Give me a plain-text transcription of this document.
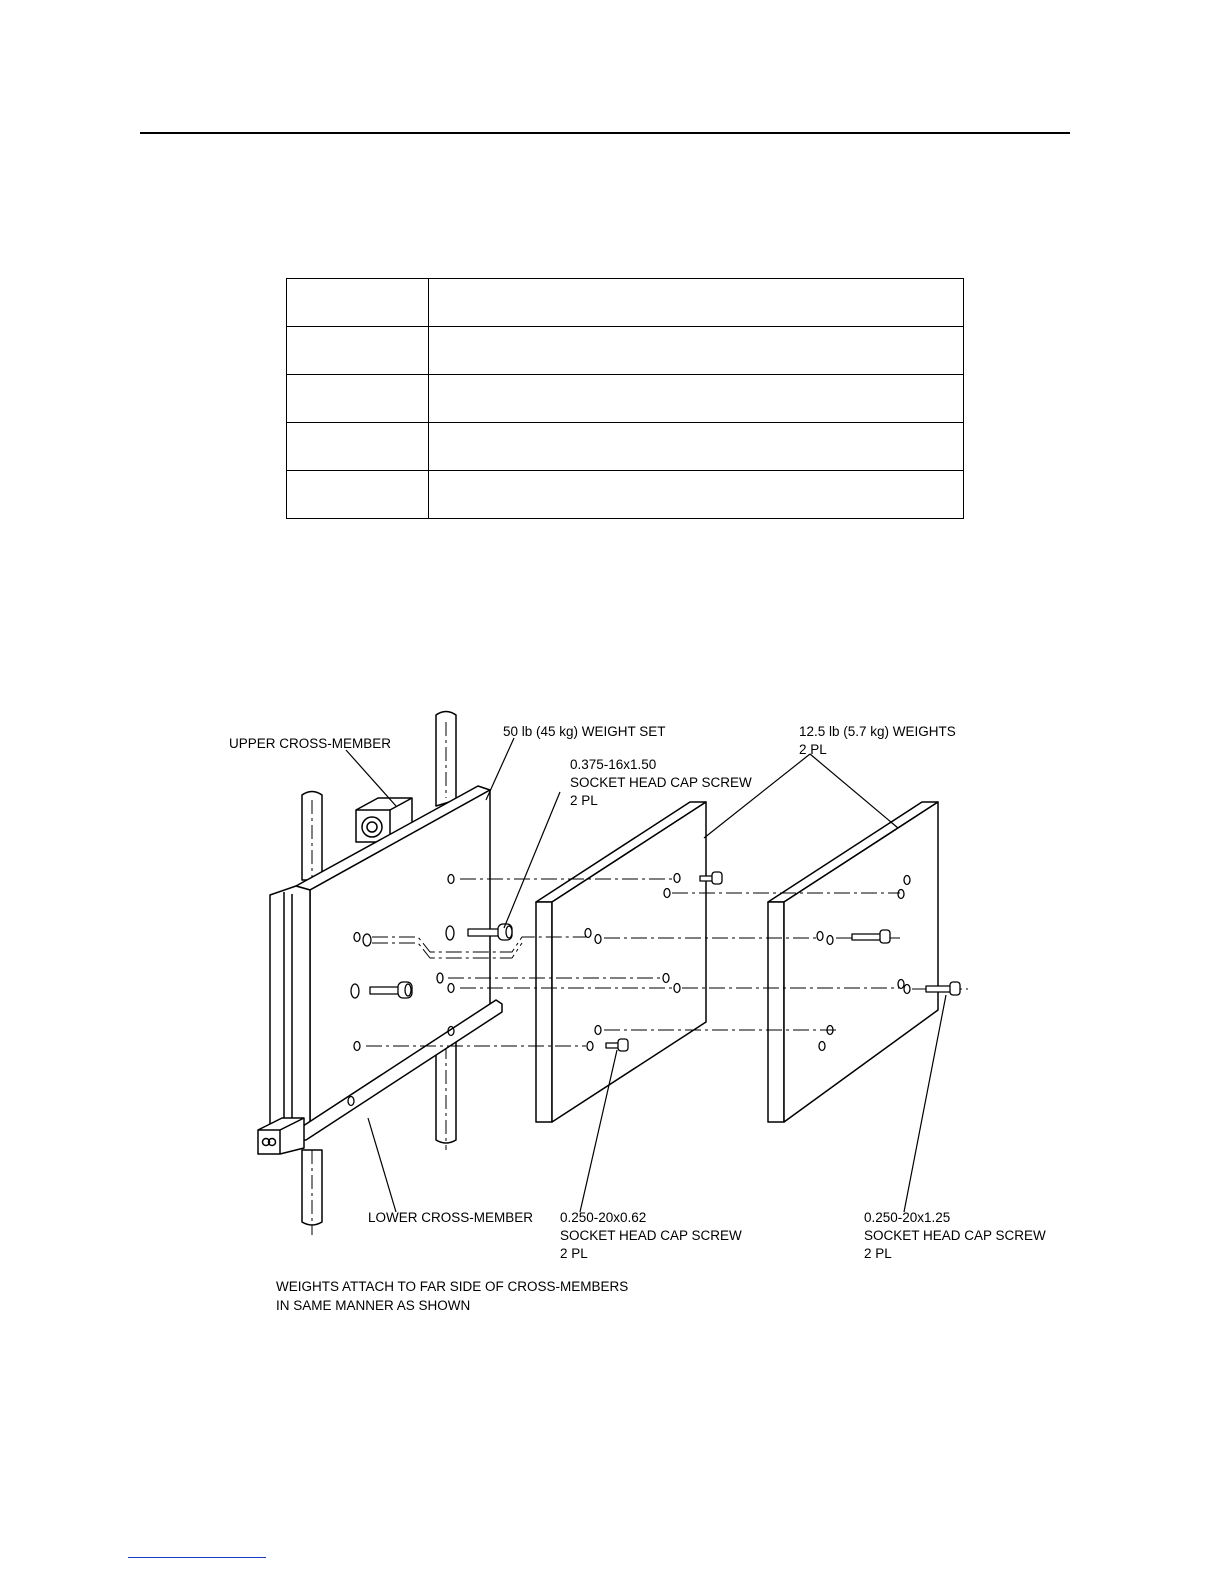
UPPER CROSS-MEMBER
50 lb (45 kg) WEIGHT SET
0.375-16x1.50
SOCKET HEAD CAP SCREW
2 PL
12.5 lb (5.7 kg) WEIGHTS
2 PL
LOWER CROSS-MEMBER 0.250-20x0.62
SOCKET HEAD CAP SCREW
2 PL
0.250-20x1.25
SOCKET HEAD CAP SCREW
2 PL
WEIGHTS ATTACH TO FAR SIDE OF CROSS-MEMBERS
IN SAME MANNER AS SHOWN
